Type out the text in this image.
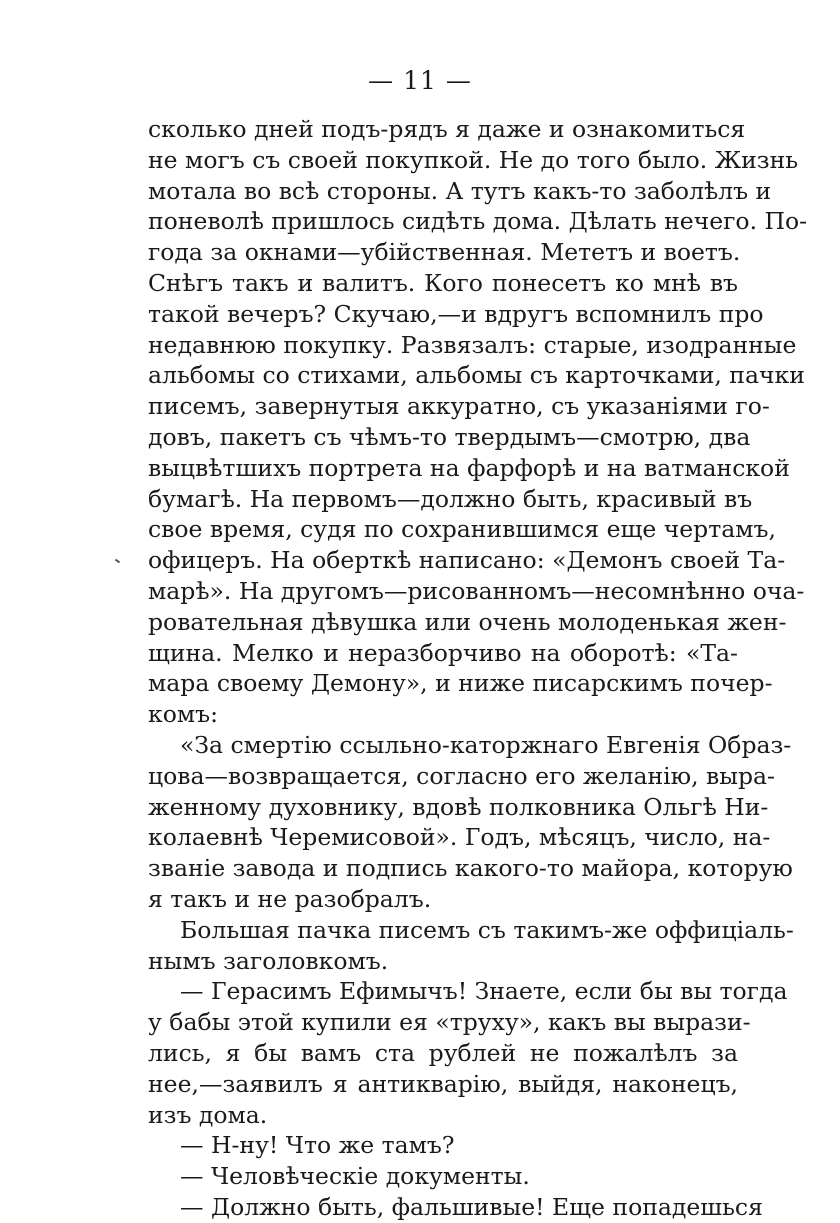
— 11 —
сколько дней подъ-рядъ я даже и ознакомиться
не могъ съ своей покупкой. Не до того было. Жизнь
мотала во всѣ стороны. А тутъ какъ-то заболѣлъ и
поневолѣ пришлось сидѣть дома. Дѣлать нечего. По-
года за окнами—убійственная. Мететъ и воетъ.
Снѣгъ такъ и валитъ. Кого понесетъ ко мнѣ въ
такой вечеръ? Скучаю,—и вдругъ вспомнилъ про
недавнюю покупку. Развязалъ: старые, изодранные
альбомы со стихами, альбомы съ карточками, пачки
писемъ, завернутыя аккуратно, съ указаніями го-
довъ, пакетъ съ чѣмъ-то твердымъ—смотрю, два
выцвѣтшихъ портрета на фарфорѣ и на ватманской
бумагѣ. На первомъ—должно быть, красивый въ
свое время, судя по сохранившимся еще чертамъ,
офицеръ. На оберткѣ написано: «Демонъ своей Та-
марѣ». На другомъ—рисованномъ—несомнѣнно оча-
ровательная дѣвушка или очень молоденькая жен-
щина. Мелко и неразборчиво на оборотѣ: «Та-
мара своему Демону», и ниже писарскимъ почер-
комъ:
«За смертію ссыльно-каторжнаго Евгенія Образ-
цова—возвращается, согласно его желанію, выра-
женному духовнику, вдовѣ полковника Ольгѣ Ни-
колаевнѣ Черемисовой». Годъ, мѣсяцъ, число, на-
званіе завода и подпись какого-то майора, которую
я такъ и не разобралъ.
Большая пачка писемъ съ такимъ-же оффиціаль-
нымъ заголовкомъ.
— Герасимъ Ефимычъ! Знаете, если бы вы тогда
у бабы этой купили ея «труху», какъ вы вырази-
лись, я бы вамъ ста рублей не пожалѣлъ за
нее,—заявилъ я антикварію, выйдя, наконецъ,
изъ дома.
— Н-ну! Что же тамъ?
— Человѣческіе документы.
— Должно быть, фальшивые! Еще попадешься
